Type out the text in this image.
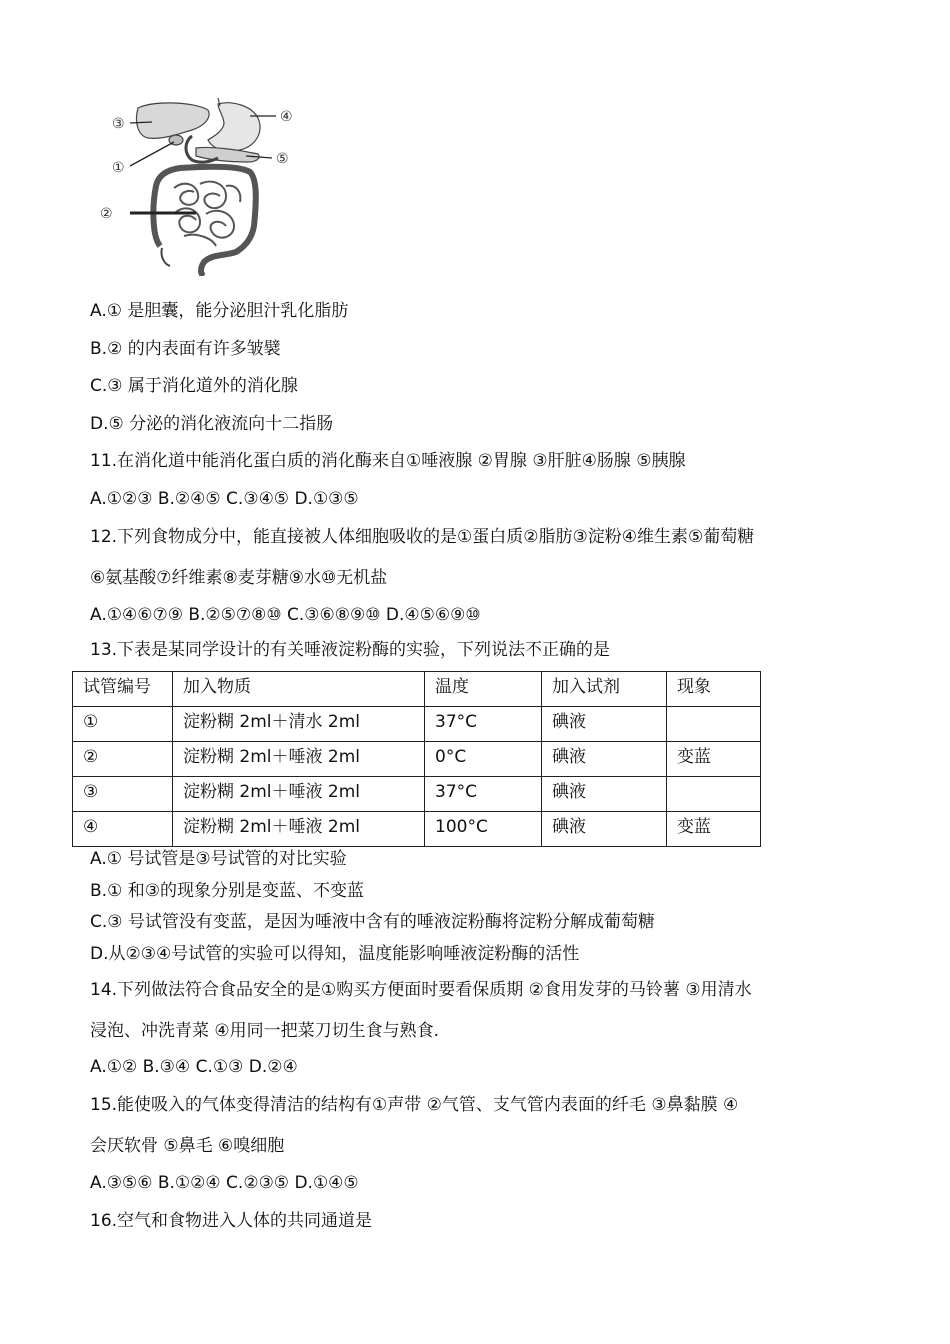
③
①
②
④
⑤
A.① 是胆囊，能分泌胆汁乳化脂肪
B.② 的内表面有许多皱襞
C.③ 属于消化道外的消化腺
D.⑤ 分泌的消化液流向十二指肠
11.在消化道中能消化蛋白质的消化酶来自①唾液腺 ②胃腺 ③肝脏④肠腺 ⑤胰腺
A.①②③ B.②④⑤ C.③④⑤ D.①③⑤
12.下列食物成分中，能直接被人体细胞吸收的是①蛋白质②脂肪③淀粉④维生素⑤葡萄糖
⑥氨基酸⑦纤维素⑧麦芽糖⑨水⑩无机盐
A.①④⑥⑦⑨ B.②⑤⑦⑧⑩ C.③⑥⑧⑨⑩ D.④⑤⑥⑨⑩
13.下表是某同学设计的有关唾液淀粉酶的实验，下列说法不正确的是
试管编号	加入物质	温度	加入试剂	现象
①	淀粉糊 2ml＋清水 2ml	37°C	碘液	
②	淀粉糊 2ml＋唾液 2ml	0°C	碘液	变蓝
③	淀粉糊 2ml＋唾液 2ml	37°C	碘液	
④	淀粉糊 2ml＋唾液 2ml	100°C	碘液	变蓝
A.① 号试管是③号试管的对比实验
B.① 和③的现象分别是变蓝、不变蓝
C.③ 号试管没有变蓝，是因为唾液中含有的唾液淀粉酶将淀粉分解成葡萄糖
D.从②③④号试管的实验可以得知，温度能影响唾液淀粉酶的活性
14.下列做法符合食品安全的是①购买方便面时要看保质期 ②食用发芽的马铃薯 ③用清水
浸泡、冲洗青菜 ④用同一把菜刀切生食与熟食.
A.①② B.③④ C.①③ D.②④
15.能使吸入的气体变得清洁的结构有①声带 ②气管、支气管内表面的纤毛 ③鼻黏膜 ④
会厌软骨 ⑤鼻毛 ⑥嗅细胞
A.③⑤⑥ B.①②④ C.②③⑤ D.①④⑤
16.空气和食物进入人体的共同通道是
